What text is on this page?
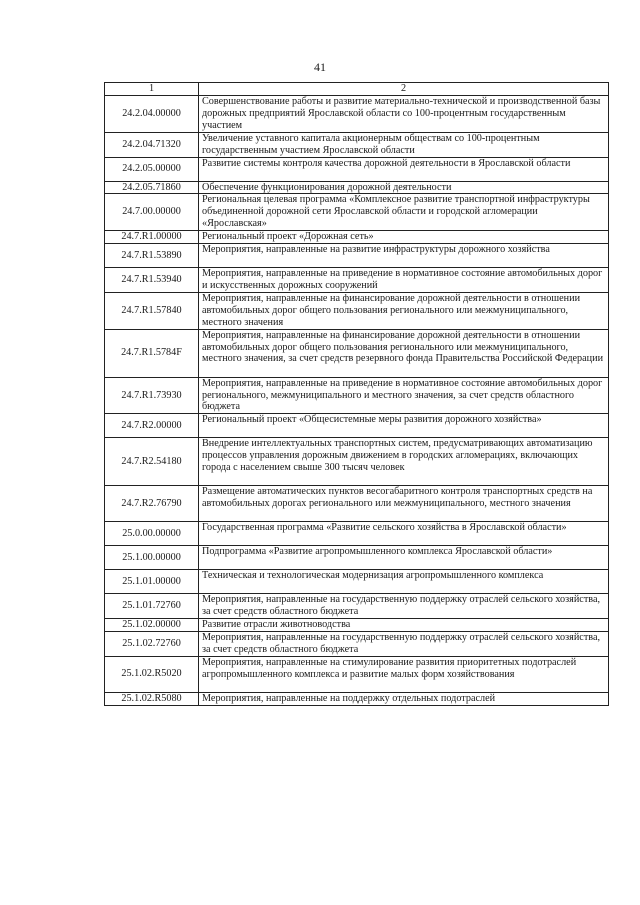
41
1	2
24.2.04.00000	Совершенствование работы и развитие материально-технической и производственной базы дорожных предприятий Ярославской области со 100-процентным государственным участием
24.2.04.71320	Увеличение уставного капитала акционерным обществам со 100-процентным государственным участием Ярославской области
24.2.05.00000	Развитие системы контроля качества дорожной деятельности в Ярославской области
24.2.05.71860	Обеспечение функционирования дорожной деятельности
24.7.00.00000	Региональная целевая программа «Комплексное развитие транспортной инфраструктуры объединенной дорожной сети Ярославской области и городской агломерации «Ярославская»
24.7.R1.00000	Региональный проект «Дорожная сеть»
24.7.R1.53890	Мероприятия, направленные на развитие инфраструктуры дорожного хозяйства
24.7.R1.53940	Мероприятия, направленные на приведение в нормативное состояние автомобильных дорог и искусственных дорожных сооружений
24.7.R1.57840	Мероприятия, направленные на финансирование дорожной деятельности в отношении автомобильных дорог общего пользования регионального или межмуниципального, местного значения
24.7.R1.5784F	Мероприятия, направленные на финансирование дорожной деятельности в отношении автомобильных дорог общего пользования регионального или межмуниципального, местного значения, за счет средств резервного фонда Правительства Российской Федерации
24.7.R1.73930	Мероприятия, направленные на приведение в нормативное состояние автомобильных дорог регионального, межмуниципального и местного значения, за счет средств областного бюджета
24.7.R2.00000	Региональный проект «Общесистемные меры развития дорожного хозяйства»
24.7.R2.54180	Внедрение интеллектуальных транспортных систем, предусматривающих автоматизацию процессов управления дорожным движением в городских агломерациях, включающих города с населением свыше 300 тысяч человек
24.7.R2.76790	Размещение автоматических пунктов весогабаритного контроля транспортных средств на автомобильных дорогах регионального или межмуниципального, местного значения
25.0.00.00000	Государственная программа «Развитие сельского хозяйства в Ярославской области»
25.1.00.00000	Подпрограмма «Развитие агропромышленного комплекса Ярославской области»
25.1.01.00000	Техническая и технологическая модернизация агропромышленного комплекса
25.1.01.72760	Мероприятия, направленные на государственную поддержку отраслей сельского хозяйства, за счет средств областного бюджета
25.1.02.00000	Развитие отрасли животноводства
25.1.02.72760	Мероприятия, направленные на государственную поддержку отраслей сельского хозяйства, за счет средств областного бюджета
25.1.02.R5020	Мероприятия, направленные на стимулирование развития приоритетных подотраслей агропромышленного комплекса и развитие малых форм хозяйствования
25.1.02.R5080	Мероприятия, направленные на поддержку отдельных подотраслей
